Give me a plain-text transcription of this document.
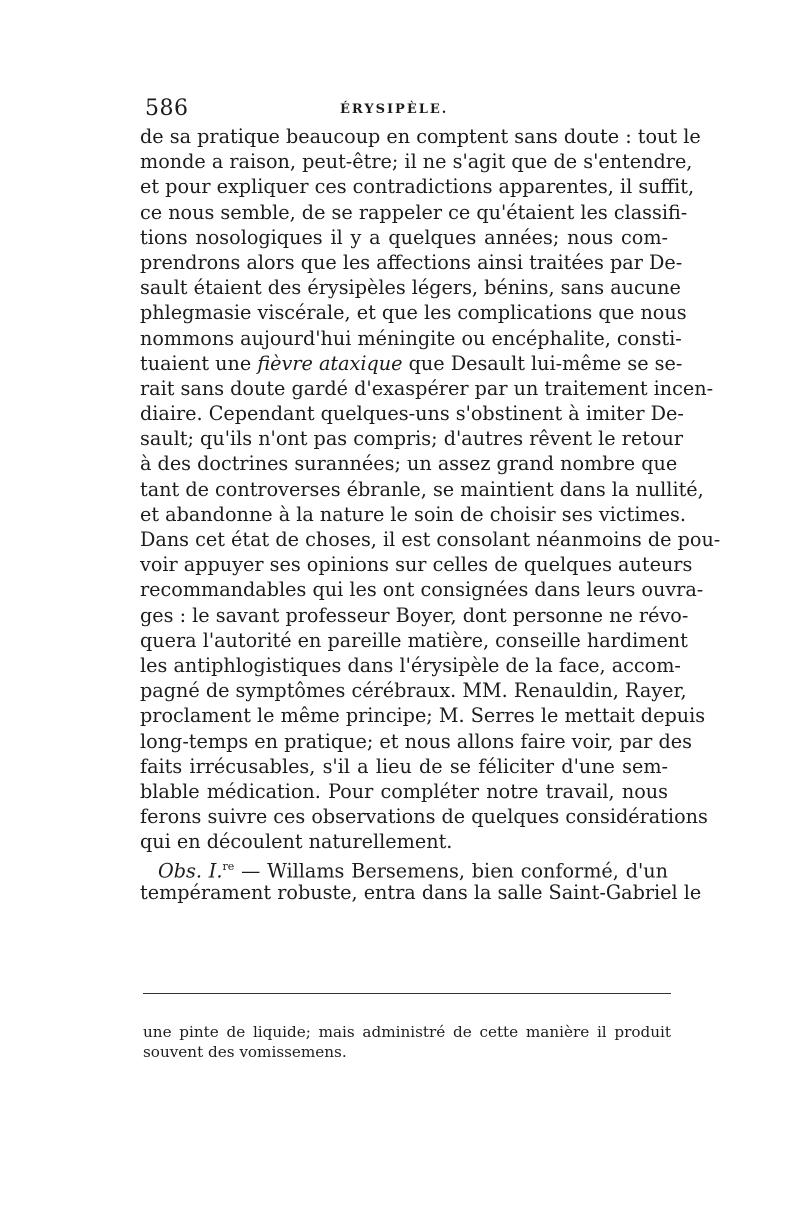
586	ÉRYSIPÈLE.
de sa pratique beaucoup en comptent sans doute : tout le
monde a raison, peut-être; il ne s'agit que de s'entendre,
et pour expliquer ces contradictions apparentes, il suffit,
ce nous semble, de se rappeler ce qu'étaient les classifi-
tions nosologiques il y a quelques années; nous com-
prendrons alors que les affections ainsi traitées par De-
sault étaient des érysipèles légers, bénins, sans aucune
phlegmasie viscérale, et que les complications que nous
nommons aujourd'hui méningite ou encéphalite, consti-
tuaient une fièvre ataxique que Desault lui-même se se-
rait sans doute gardé d'exaspérer par un traitement incen-
diaire. Cependant quelques-uns s'obstinent à imiter De-
sault; qu'ils n'ont pas compris; d'autres rêvent le retour
à des doctrines surannées; un assez grand nombre que
tant de controverses ébranle, se maintient dans la nullité,
et abandonne à la nature le soin de choisir ses victimes.
Dans cet état de choses, il est consolant néanmoins de pou-
voir appuyer ses opinions sur celles de quelques auteurs
recommandables qui les ont consignées dans leurs ouvra-
ges : le savant professeur Boyer, dont personne ne révo-
quera l'autorité en pareille matière, conseille hardiment
les antiphlogistiques dans l'érysipèle de la face, accom-
pagné de symptômes cérébraux. MM. Renauldin, Rayer,
proclament le même principe; M. Serres le mettait depuis
long-temps en pratique; et nous allons faire voir, par des
faits irrécusables, s'il a lieu de se féliciter d'une sem-
blable médication. Pour compléter notre travail, nous
ferons suivre ces observations de quelques considérations
qui en découlent naturellement.
Obs. I.$^{re}$ — Willams Bersemens, bien conformé, d'un
tempérament robuste, entra dans la salle Saint-Gabriel le
une pinte de liquide; mais administré de cette manière il produit
souvent des vomissemens.
